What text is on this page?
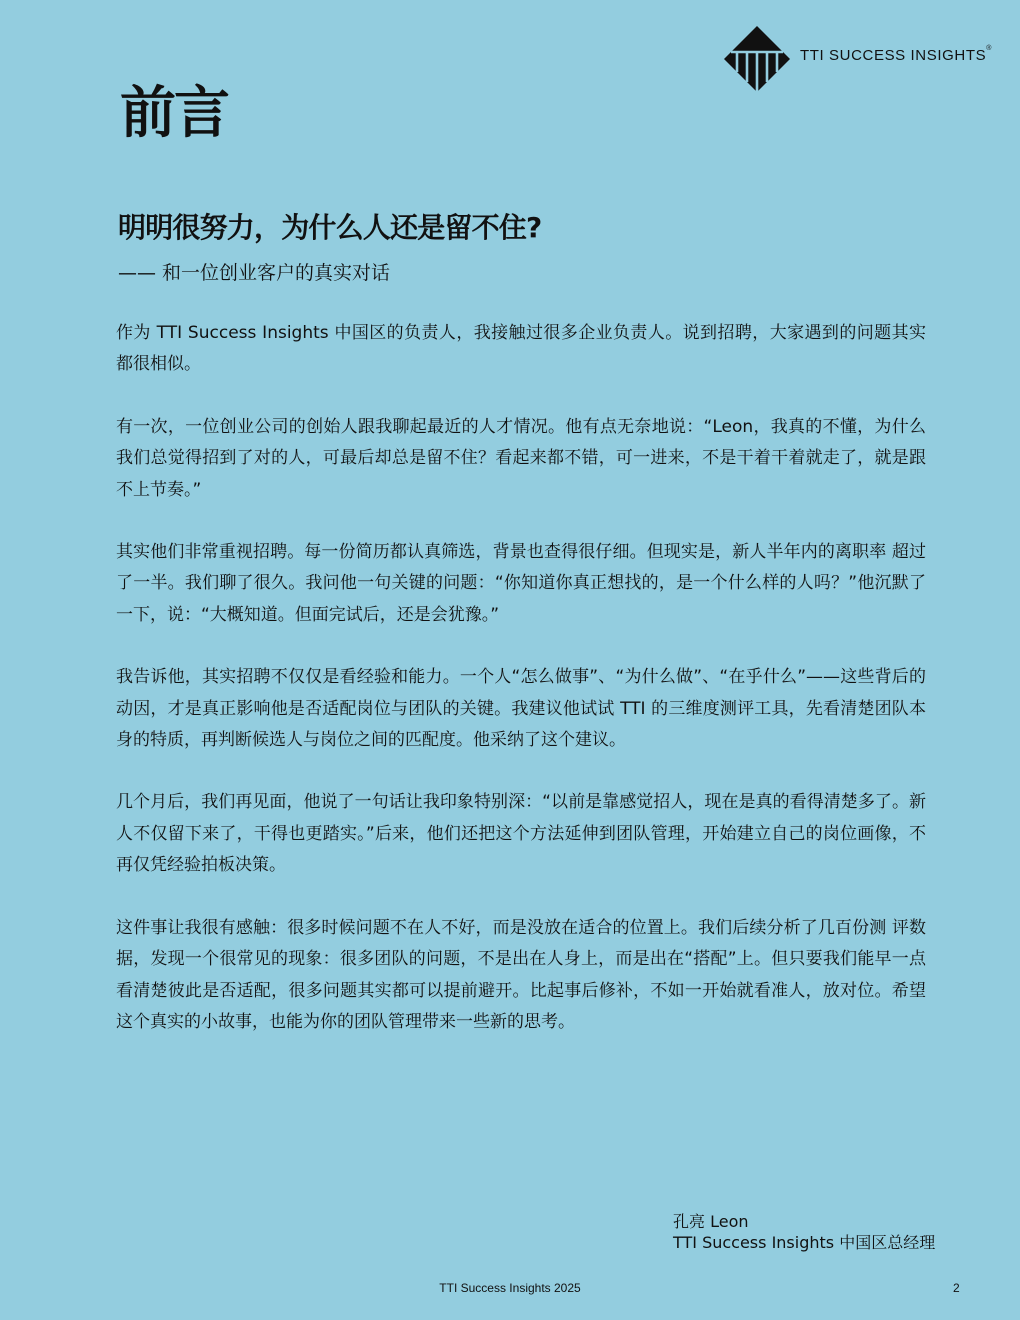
TTI SUCCESS INSIGHTS®
前言
明明很努力，为什么人还是留不住?

—— 和一位创业客户的真实对话

作为 TTI Success Insights 中国区的负责人，我接触过很多企业负责人。说到招聘，大家遇到的问题其实都很相似。

有一次，一位创业公司的创始人跟我聊起最近的人才情况。他有点无奈地说：“Leon，我真的不懂，为什么我们总觉得招到了对的人，可最后却总是留不住？看起来都不错，可一进来，不是干着干着就走了，就是跟不上节奏。”

其实他们非常重视招聘。每一份简历都认真筛选，背景也查得很仔细。但现实是，新人半年内的离职率 超过了一半。我们聊了很久。我问他一句关键的问题：“你知道你真正想找的，是一个什么样的人吗？”他沉默了一下，说：“大概知道。但面完试后，还是会犹豫。”

我告诉他，其实招聘不仅仅是看经验和能力。一个人“怎么做事”、“为什么做”、“在乎什么”——这些背后的动因，才是真正影响他是否适配岗位与团队的关键。我建议他试试 TTI 的三维度测评工具，先看清楚团队本身的特质，再判断候选人与岗位之间的匹配度。他采纳了这个建议。

几个月后，我们再见面，他说了一句话让我印象特别深：“以前是靠感觉招人，现在是真的看得清楚多了。新人不仅留下来了，干得也更踏实。”后来，他们还把这个方法延伸到团队管理，开始建立自己的岗位画像，不再仅凭经验拍板决策。

这件事让我很有感触：很多时候问题不在人不好，而是没放在适合的位置上。我们后续分析了几百份测 评数据，发现一个很常见的现象：很多团队的问题，不是出在人身上，而是出在“搭配”上。但只要我们能早一点看清楚彼此是否适配，很多问题其实都可以提前避开。比起事后修补，不如一开始就看准人，放对位。希望这个真实的小故事，也能为你的团队管理带来一些新的思考。

孔亮 Leon
TTI Success Insights 中国区总经理
TTI Success Insights 2025	2
